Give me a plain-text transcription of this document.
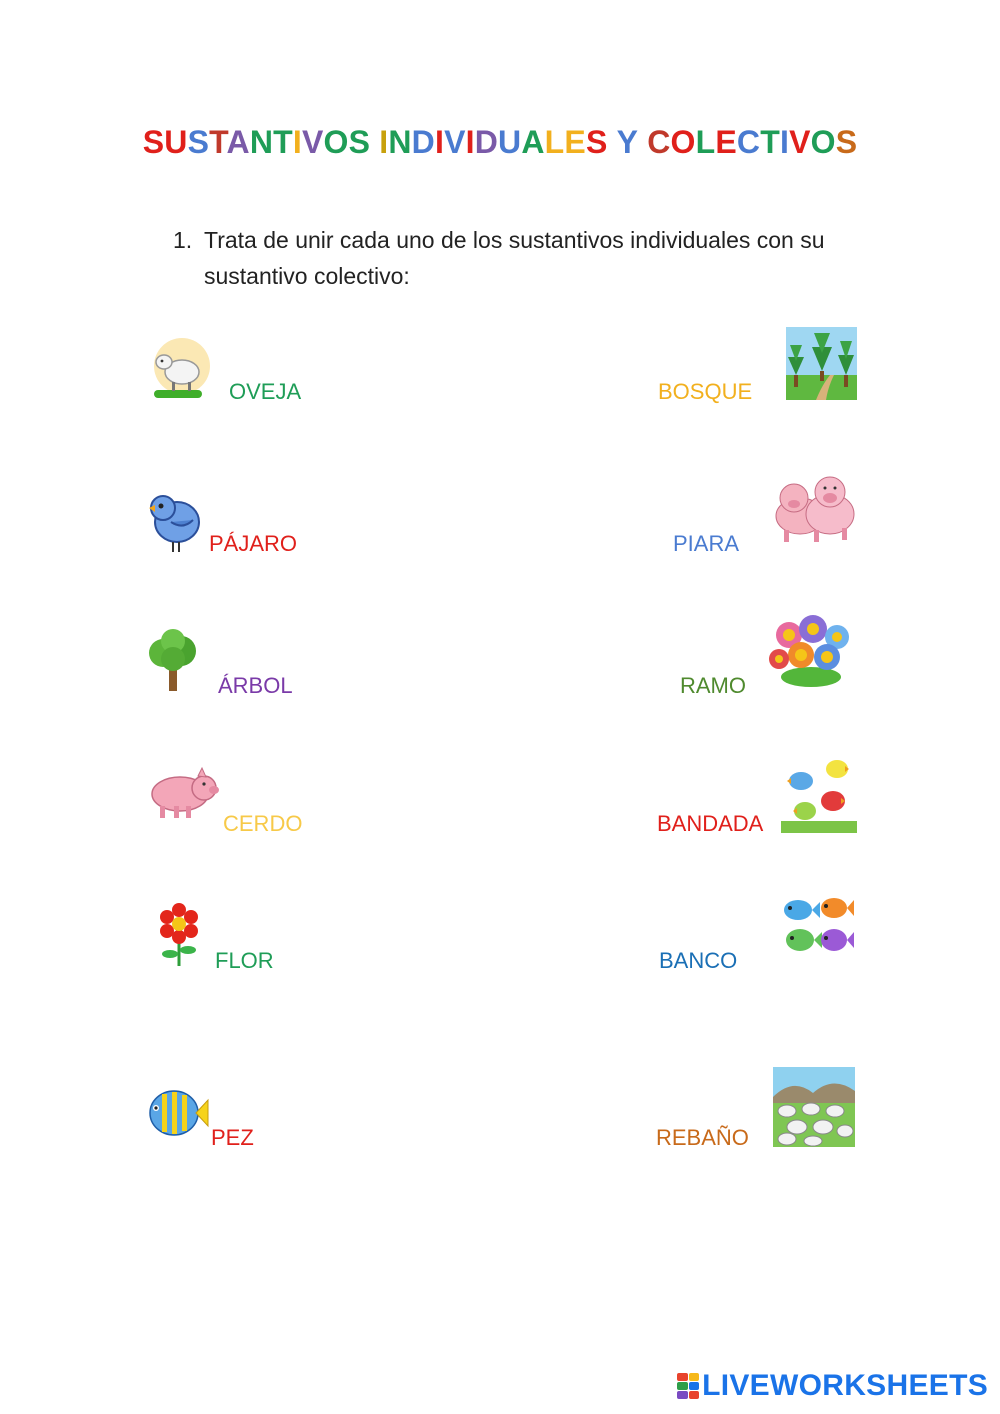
SUSTANTIVOS INDIVIDUALES Y COLECTIVOS
1. Trata de unir cada uno de los sustantivos individuales con su sustantivo colectivo:
OVEJA
PÁJARO
ÁRBOL
CERDO
FLOR
PEZ
BOSQUE
PIARA
RAMO
BANDADA
BANCO
REBAÑO
LIVEWORKSHEETS
